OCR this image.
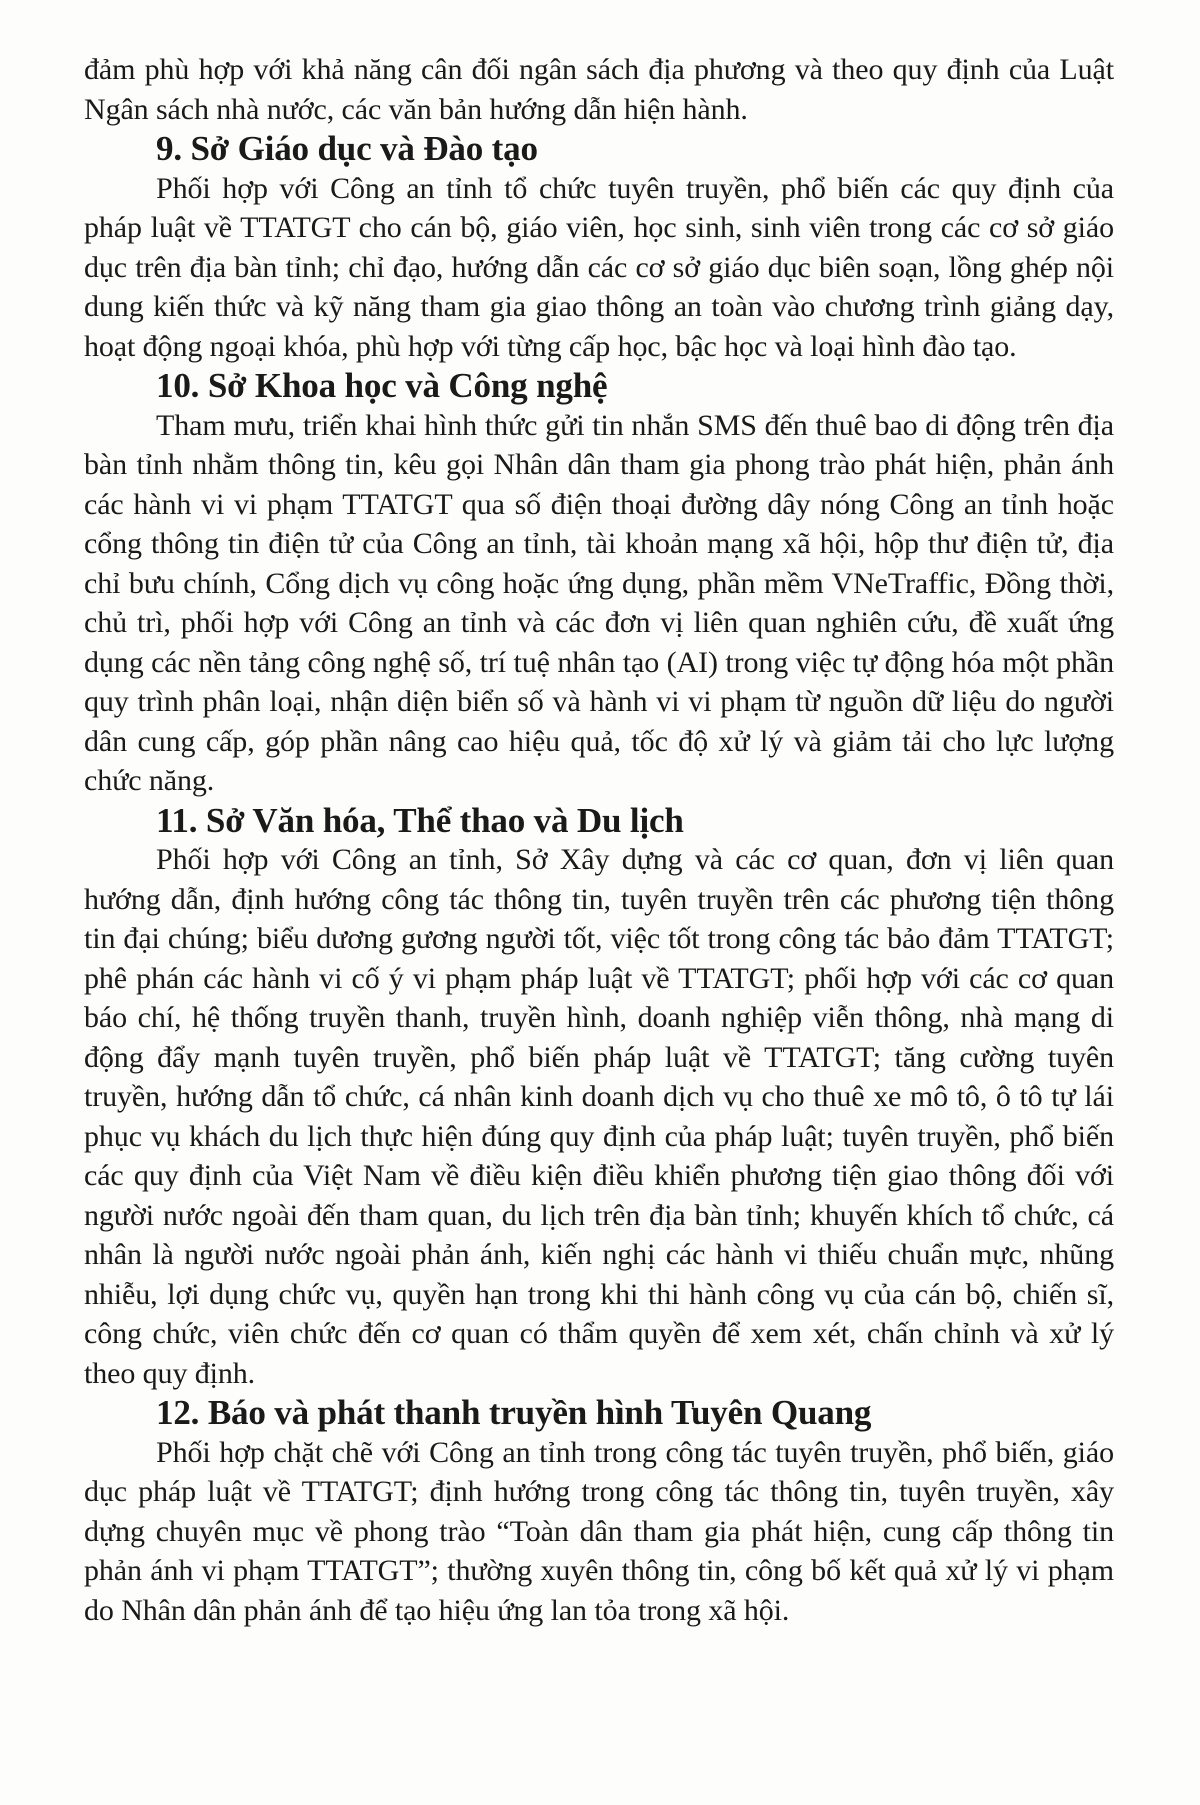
đảm phù hợp với khả năng cân đối ngân sách địa phương và theo quy định của Luật Ngân sách nhà nước, các văn bản hướng dẫn hiện hành.

9. Sở Giáo dục và Đào tạo

Phối hợp với Công an tỉnh tổ chức tuyên truyền, phổ biến các quy định của pháp luật về TTATGT cho cán bộ, giáo viên, học sinh, sinh viên trong các cơ sở giáo dục trên địa bàn tỉnh; chỉ đạo, hướng dẫn các cơ sở giáo dục biên soạn, lồng ghép nội dung kiến thức và kỹ năng tham gia giao thông an toàn vào chương trình giảng dạy, hoạt động ngoại khóa, phù hợp với từng cấp học, bậc học và loại hình đào tạo.

10. Sở Khoa học và Công nghệ

Tham mưu, triển khai hình thức gửi tin nhắn SMS đến thuê bao di động trên địa bàn tỉnh nhằm thông tin, kêu gọi Nhân dân tham gia phong trào phát hiện, phản ánh các hành vi vi phạm TTATGT qua số điện thoại đường dây nóng Công an tỉnh hoặc cổng thông tin điện tử của Công an tỉnh, tài khoản mạng xã hội, hộp thư điện tử, địa chỉ bưu chính, Cổng dịch vụ công hoặc ứng dụng, phần mềm VNeTraffic, Đồng thời, chủ trì, phối hợp với Công an tỉnh và các đơn vị liên quan nghiên cứu, đề xuất ứng dụng các nền tảng công nghệ số, trí tuệ nhân tạo (AI) trong việc tự động hóa một phần quy trình phân loại, nhận diện biển số và hành vi vi phạm từ nguồn dữ liệu do người dân cung cấp, góp phần nâng cao hiệu quả, tốc độ xử lý và giảm tải cho lực lượng chức năng.

11. Sở Văn hóa, Thể thao và Du lịch

Phối hợp với Công an tỉnh, Sở Xây dựng và các cơ quan, đơn vị liên quan hướng dẫn, định hướng công tác thông tin, tuyên truyền trên các phương tiện thông tin đại chúng; biểu dương gương người tốt, việc tốt trong công tác bảo đảm TTATGT; phê phán các hành vi cố ý vi phạm pháp luật về TTATGT; phối hợp với các cơ quan báo chí, hệ thống truyền thanh, truyền hình, doanh nghiệp viễn thông, nhà mạng di động đẩy mạnh tuyên truyền, phổ biến pháp luật về TTATGT; tăng cường tuyên truyền, hướng dẫn tổ chức, cá nhân kinh doanh dịch vụ cho thuê xe mô tô, ô tô tự lái phục vụ khách du lịch thực hiện đúng quy định của pháp luật; tuyên truyền, phổ biến các quy định của Việt Nam về điều kiện điều khiển phương tiện giao thông đối với người nước ngoài đến tham quan, du lịch trên địa bàn tỉnh; khuyến khích tổ chức, cá nhân là người nước ngoài phản ánh, kiến nghị các hành vi thiếu chuẩn mực, nhũng nhiễu, lợi dụng chức vụ, quyền hạn trong khi thi hành công vụ của cán bộ, chiến sĩ, công chức, viên chức đến cơ quan có thẩm quyền để xem xét, chấn chỉnh và xử lý theo quy định.

12. Báo và phát thanh truyền hình Tuyên Quang

Phối hợp chặt chẽ với Công an tỉnh trong công tác tuyên truyền, phổ biến, giáo dục pháp luật về TTATGT; định hướng trong công tác thông tin, tuyên truyền, xây dựng chuyên mục về phong trào “Toàn dân tham gia phát hiện, cung cấp thông tin phản ánh vi phạm TTATGT”; thường xuyên thông tin, công bố kết quả xử lý vi phạm do Nhân dân phản ánh để tạo hiệu ứng lan tỏa trong xã hội.
